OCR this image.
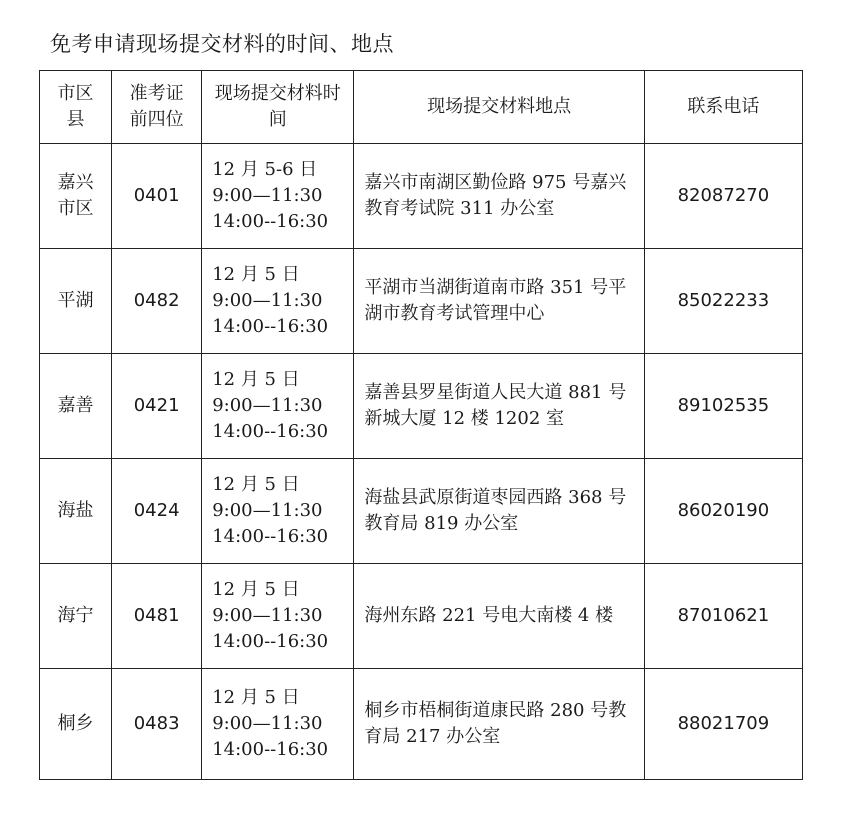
免考申请现场提交材料的时间、地点
市区县	准考证前四位	现场提交材料时间	现场提交材料地点	联系电话

嘉兴市区	0401	12 月 5-6 日
9:00—11:30
14:00--16:30	嘉兴市南湖区勤俭路 975 号嘉兴教育考试院 311 办公室	82087270

平湖	0482	12 月 5 日
9:00—11:30
14:00--16:30	平湖市当湖街道南市路 351 号平湖市教育考试管理中心	85022233

嘉善	0421	12 月 5 日
9:00—11:30
14:00--16:30	嘉善县罗星街道人民大道 881 号新城大厦 12 楼 1202 室	89102535

海盐	0424	12 月 5 日
9:00—11:30
14:00--16:30	海盐县武原街道枣园西路 368 号教育局 819 办公室	86020190

海宁	0481	12 月 5 日
9:00—11:30
14:00--16:30	海州东路 221 号电大南楼 4 楼	87010621

桐乡	0483	12 月 5 日
9:00—11:30
14:00--16:30	桐乡市梧桐街道康民路 280 号教育局 217 办公室	88021709
